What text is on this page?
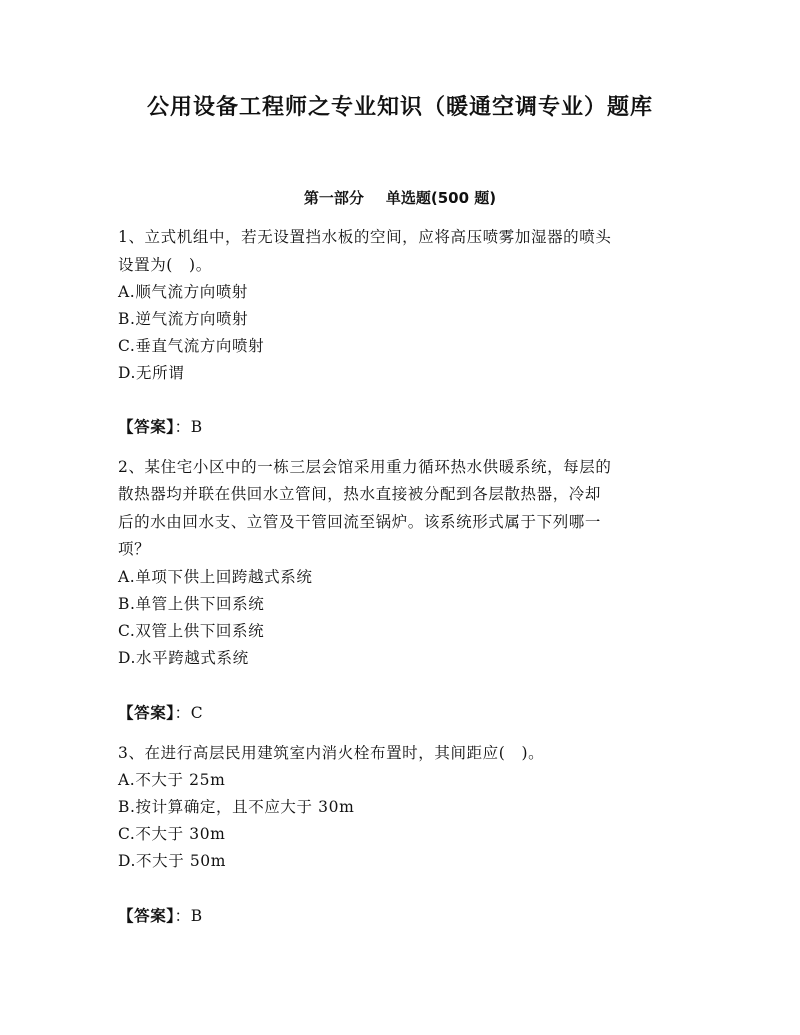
公用设备工程师之专业知识（暖通空调专业）题库
第一部分 单选题(500 题)
1、立式机组中，若无设置挡水板的空间，应将高压喷雾加湿器的喷头
设置为(　)。
A.顺气流方向喷射
B.逆气流方向喷射
C.垂直气流方向喷射
D.无所谓
【答案】：B
2、某住宅小区中的一栋三层会馆采用重力循环热水供暖系统，每层的
散热器均并联在供回水立管间，热水直接被分配到各层散热器，冷却
后的水由回水支、立管及干管回流至锅炉。该系统形式属于下列哪一
项？
A.单项下供上回跨越式系统
B.单管上供下回系统
C.双管上供下回系统
D.水平跨越式系统
【答案】：C
3、在进行高层民用建筑室内消火栓布置时，其间距应(　)。
A.不大于 25m
B.按计算确定，且不应大于 30m
C.不大于 30m
D.不大于 50m
【答案】：B
